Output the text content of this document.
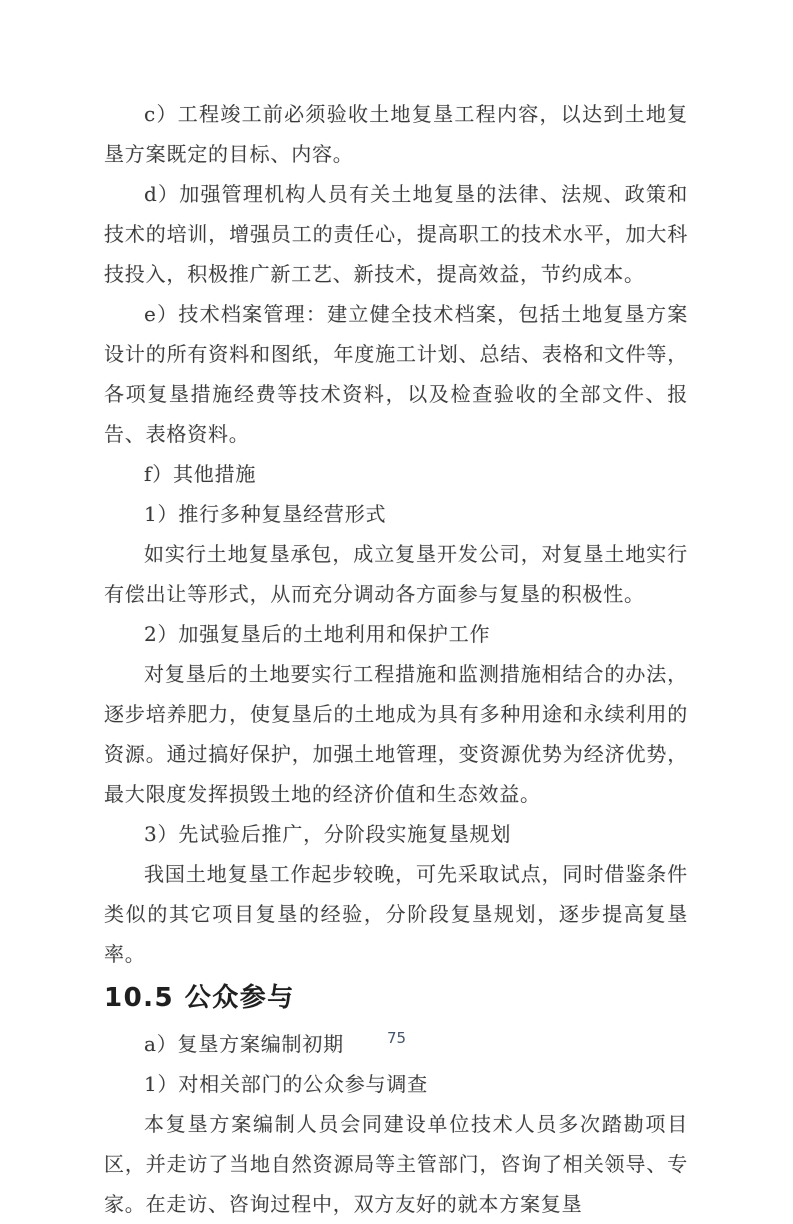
c）工程竣工前必须验收土地复垦工程内容，以达到土地复垦方案既定的目标、内容。

d）加强管理机构人员有关土地复垦的法律、法规、政策和技术的培训，增强员工的责任心，提高职工的技术水平，加大科技投入，积极推广新工艺、新技术，提高效益，节约成本。

e）技术档案管理：建立健全技术档案，包括土地复垦方案设计的所有资料和图纸，年度施工计划、总结、表格和文件等，各项复垦措施经费等技术资料，以及检查验收的全部文件、报告、表格资料。

f）其他措施

1）推行多种复垦经营形式

如实行土地复垦承包，成立复垦开发公司，对复垦土地实行有偿出让等形式，从而充分调动各方面参与复垦的积极性。

2）加强复垦后的土地利用和保护工作

对复垦后的土地要实行工程措施和监测措施相结合的办法，逐步培养肥力，使复垦后的土地成为具有多种用途和永续利用的资源。通过搞好保护，加强土地管理，变资源优势为经济优势，最大限度发挥损毁土地的经济价值和生态效益。

3）先试验后推广，分阶段实施复垦规划

我国土地复垦工作起步较晚，可先采取试点，同时借鉴条件类似的其它项目复垦的经验，分阶段复垦规划，逐步提高复垦率。

10.5 公众参与

a）复垦方案编制初期

1）对相关部门的公众参与调查

本复垦方案编制人员会同建设单位技术人员多次踏勘项目区，并走访了当地自然资源局等主管部门，咨询了相关领导、专家。在走访、咨询过程中，双方友好的就本方案复垦

75
